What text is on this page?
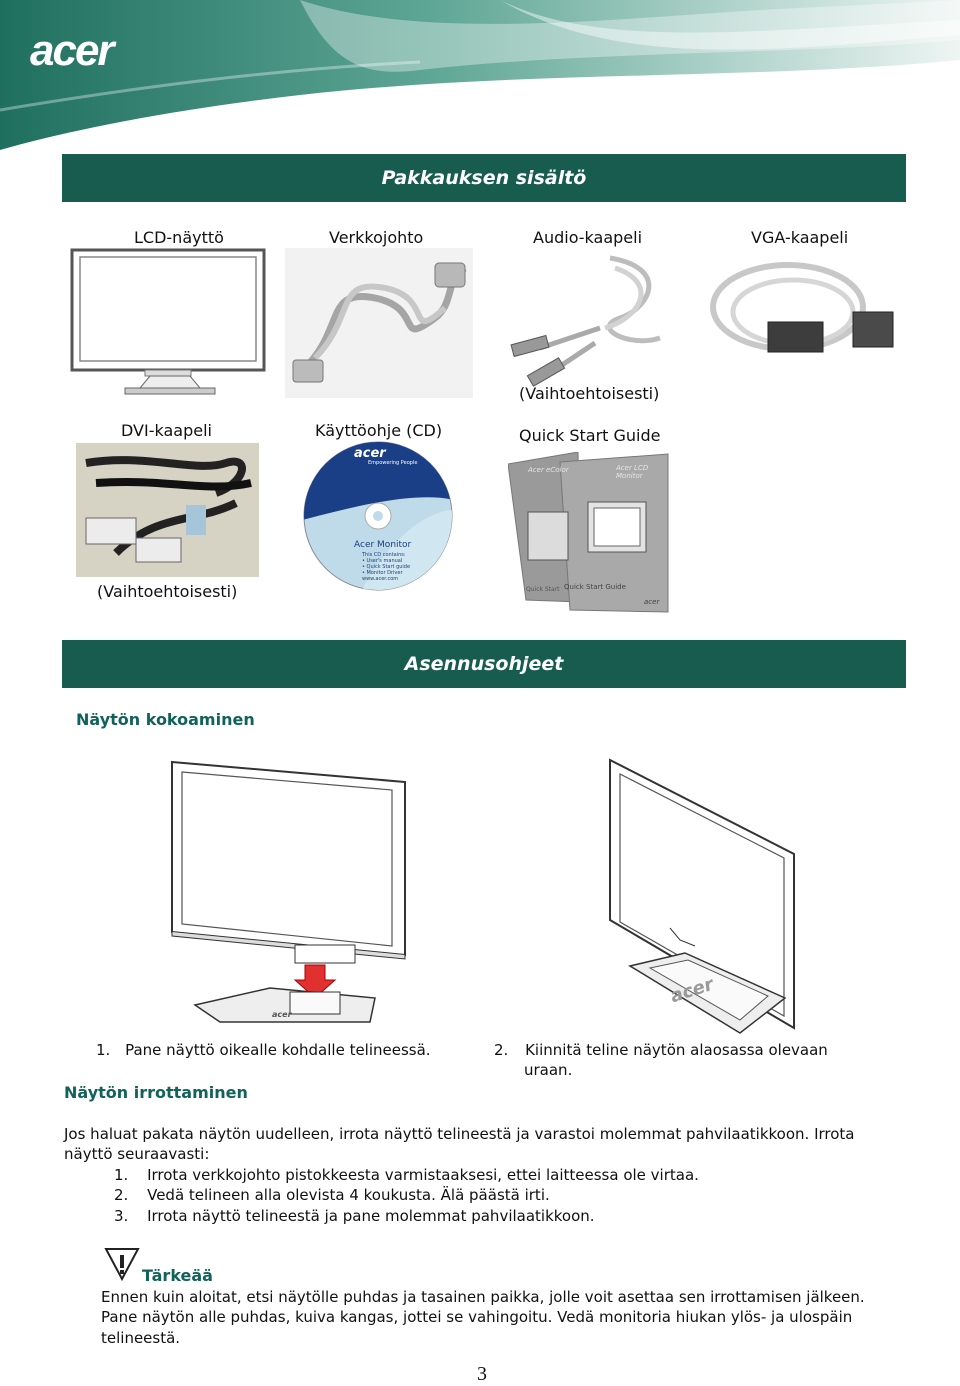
acer
Pakkauksen sisältö
LCD-näyttö	Verkkojohto	Audio-kaapeli	VGA-kaapeli
(Vaihtoehtoisesti)
DVI-kaapeli	Käyttöohje (CD)	Quick Start Guide
acer
Empowering People
Acer Monitor
This CD contains:
• User's manual
• Quick Start guide
• Monitor Driver
www.acer.com
Acer eColor	Acer LCD Monitor
Quick Start Quick Start Guide
acer
(Vaihtoehtoisesti)
Asennusohjeet
Näytön kokoaminen
acer
acer
1. Pane näyttö oikealle kohdalle telineessä.	2. Kiinnitä teline näytön alaosassa olevaan
uraan.
Näytön irrottaminen
Jos haluat pakata näytön uudelleen, irrota näyttö telineestä ja varastoi molemmat pahvilaatikkoon. Irrota
näyttö seuraavasti:
1. Irrota verkkojohto pistokkeesta varmistaaksesi, ettei laitteessa ole virtaa.
2. Vedä telineen alla olevista 4 koukusta. Älä päästä irti.
3. Irrota näyttö telineestä ja pane molemmat pahvilaatikkoon.
Tärkeää
Ennen kuin aloitat, etsi näytölle puhdas ja tasainen paikka, jolle voit asettaa sen irrottamisen jälkeen.
Pane näytön alle puhdas, kuiva kangas, jottei se vahingoitu. Vedä monitoria hiukan ylös- ja ulospäin
telineestä.
3
